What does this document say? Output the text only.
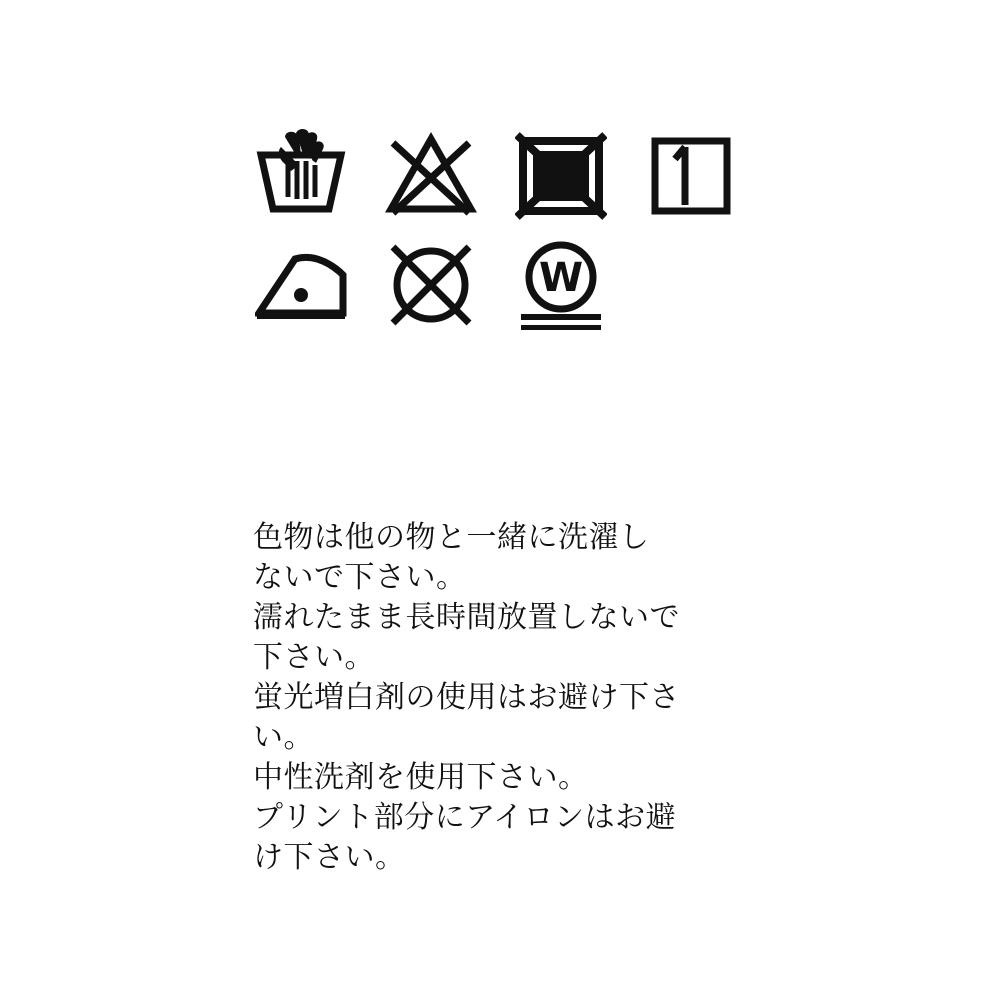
W
色物は他の物と一緒に洗濯し
ないで下さい。
濡れたまま長時間放置しないで
下さい。
蛍光増白剤の使用はお避け下さ
い。
中性洗剤を使用下さい。
プリント部分にアイロンはお避
け下さい。
